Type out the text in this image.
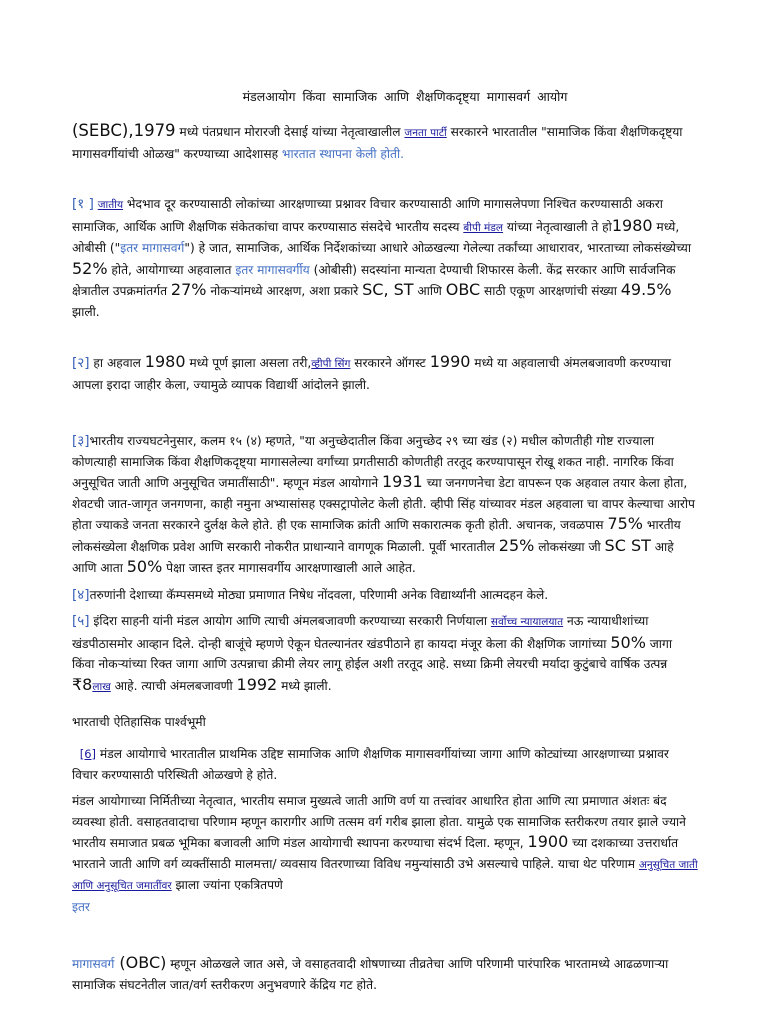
मंडलआयोग किंवा सामाजिक आणि शैक्षणिकदृष्ट्या मागासवर्ग आयोग
(SEBC),1979 मध्ये पंतप्रधान मोरारजी देसाई यांच्या नेतृत्वाखालील जनता पार्टी सरकारने भारतातील "सामाजिक किंवा शैक्षणिकदृष्ट्या मागासवर्गीयांची ओळख" करण्याच्या आदेशासह भारतात स्थापना केली होती.
[१ ] जातीय भेदभाव दूर करण्यासाठी लोकांच्या आरक्षणाच्या प्रश्नावर विचार करण्यासाठी आणि मागासलेपणा निश्चित करण्यासाठी अकरा सामाजिक, आर्थिक आणि शैक्षणिक संकेतकांचा वापर करण्यासाठ संसदेचे भारतीय सदस्य बीपी मंडल यांच्या नेतृत्वाखाली ते हो1980 मध्ये, ओबीसी ("इतर मागासवर्ग") हे जात, सामाजिक, आर्थिक निर्देशकांच्या आधारे ओळखल्या गेलेल्या तर्कांच्या आधारावर, भारताच्या लोकसंख्येच्या 52% होते, आयोगाच्या अहवालात इतर मागासवर्गीय (ओबीसी) सदस्यांना मान्यता देण्याची शिफारस केली. केंद्र सरकार आणि सार्वजनिक क्षेत्रातील उपक्रमांतर्गत 27% नोकऱ्यांमध्ये आरक्षण, अशा प्रकारे SC, ST आणि OBC साठी एकूण आरक्षणांची संख्या 49.5% झाली.
[२] हा अहवाल 1980 मध्ये पूर्ण झाला असला तरी,व्हीपी सिंग सरकारने ऑगस्ट 1990 मध्ये या अहवालाची अंमलबजावणी करण्याचा आपला इरादा जाहीर केला, ज्यामुळे व्यापक विद्यार्थी आंदोलने झाली.
[३]भारतीय राज्यघटनेनुसार, कलम १५ (४) म्हणते, "या अनुच्छेदातील किंवा अनुच्छेद २९ च्या खंड (२) मधील कोणतीही गोष्ट राज्याला कोणत्याही सामाजिक किंवा शैक्षणिकदृष्ट्या मागासलेल्या वर्गांच्या प्रगतीसाठी कोणतीही तरतूद करण्यापासून रोखू शकत नाही. नागरिक किंवा अनुसूचित जाती आणि अनुसूचित जमातींसाठी". म्हणून मंडल आयोगाने 1931 च्या जनगणनेचा डेटा वापरून एक अहवाल तयार केला होता, शेवटची जात-जागृत जनगणना, काही नमुना अभ्यासांसह एक्सट्रापोलेट केली होती. व्हीपी सिंह यांच्यावर मंडल अहवाला चा वापर केल्याचा आरोप होता ज्याकडे जनता सरकारने दुर्लक्ष केले होते. ही एक सामाजिक क्रांती आणि सकारात्मक कृती होती. अचानक, जवळपास 75% भारतीय लोकसंख्येला शैक्षणिक प्रवेश आणि सरकारी नोकरीत प्राधान्याने वागणूक मिळाली. पूर्वी भारतातील 25% लोकसंख्या जी SC ST आहे आणि आता 50% पेक्षा जास्त इतर मागासवर्गीय आरक्षणाखाली आले आहेत.
[४]तरुणांनी देशाच्या कॅम्पसमध्ये मोठ्या प्रमाणात निषेध नोंदवला, परिणामी अनेक विद्यार्थ्यांनी आत्मदहन केले.
[५] इंदिरा साहनी यांनी मंडल आयोग आणि त्याची अंमलबजावणी करण्याच्या सरकारी निर्णयाला सर्वोच्च न्यायालयात नऊ न्यायाधीशांच्या खंडपीठासमोर आव्हान दिले. दोन्ही बाजूंचे म्हणणे ऐकून घेतल्यानंतर खंडपीठाने हा कायदा मंजूर केला की शैक्षणिक जागांच्या 50% जागा किंवा नोकऱ्यांच्या रिक्त जागा आणि उत्पन्नाचा क्रीमी लेयर लागू होईल अशी तरतूद आहे. सध्या क्रिमी लेयरची मर्यादा कुटुंबाचे वार्षिक उत्पन्न ₹8लाख आहे. त्याची अंमलबजावणी 1992 मध्ये झाली.
भारताची ऐतिहासिक पार्श्वभूमी
[6] मंडल आयोगाचे भारतातील प्राथमिक उद्दिष्ट सामाजिक आणि शैक्षणिक मागासवर्गीयांच्या जागा आणि कोट्यांच्या आरक्षणाच्या प्रश्नावर विचार करण्यासाठी परिस्थिती ओळखणे हे होते.
मंडल आयोगाच्या निर्मितीच्या नेतृत्वात, भारतीय समाज मुख्यत्वे जाती आणि वर्ण या तत्त्वांवर आधारित होता आणि त्या प्रमाणात अंशतः बंद व्यवस्था होती. वसाहतवादाचा परिणाम म्हणून कारागीर आणि तत्सम वर्ग गरीब झाला होता. यामुळे एक सामाजिक स्तरीकरण तयार झाले ज्याने भारतीय समाजात प्रबळ भूमिका बजावली आणि मंडल आयोगाची स्थापना करण्याचा संदर्भ दिला. म्हणून, 1900 च्या दशकाच्या उत्तरार्धात भारताने जाती आणि वर्ग व्यक्तींसाठी मालमत्ता/ व्यवसाय वितरणाच्या विविध नमुन्यांसाठी उभे असल्याचे पाहिले. याचा थेट परिणाम अनुसूचित जाती आणि अनुसूचित जमातींवर झाला ज्यांना एकत्रितपणे
इतर
मागासवर्ग (OBC) म्हणून ओळखले जात असे, जे वसाहतवादी शोषणाच्या तीव्रतेचा आणि परिणामी पारंपारिक भारतामध्ये आढळणाऱ्या सामाजिक संघटनेतील जात/वर्ग स्तरीकरण अनुभवणारे केंद्रिय गट होते.
